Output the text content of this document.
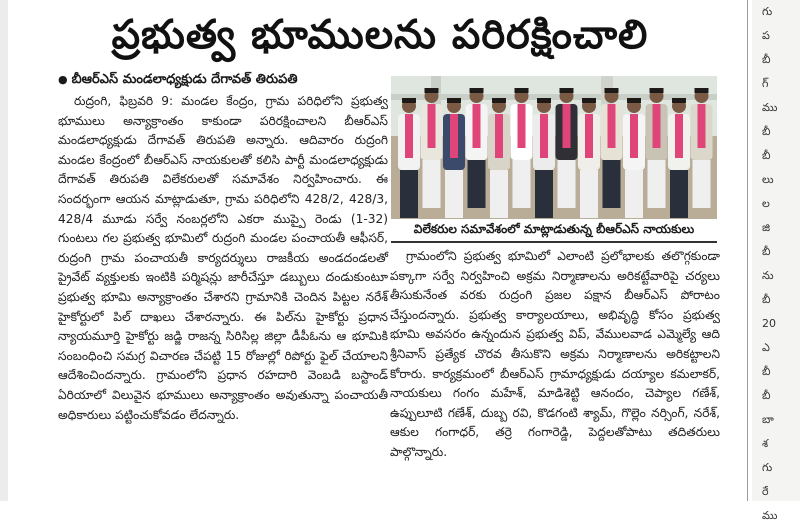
ప్రభుత్వ భూములను పరిరక్షించాలి
● బీఆర్ఎస్ మండలాధ్యక్షుడు దేగావత్ తిరుపతి

రుద్రంగి, ఫిబ్రవరి 9: మండల కేంద్రం, గ్రామ పరిధిలోని ప్రభుత్వ భూములు అన్యాక్రాంతం కాకుండా పరిరక్షించాలని బీఆర్ఎస్ మండలాధ్యక్షుడు దేగావత్ తిరుపతి అన్నారు. ఆదివారం రుద్రంగి మండల కేంద్రంలో బీఆర్ఎస్ నాయకులతో కలిసి పార్టీ మండలాధ్యక్షుడు దేగావత్ తిరుపతి విలేకరులతో సమావేశం నిర్వహించారు. ఈ సందర్భంగా ఆయన మాట్లాడుతూ, గ్రామ పరిధిలోని 428/2, 428/3, 428/4 మూడు సర్వే నంబర్లలోని ఎకరా ముప్పై రెండు (1-32) గుంటలు గల ప్రభుత్వ భూమిలో రుద్రంగి మండల పంచాయతీ ఆఫీసర్, రుద్రంగి గ్రామ పంచాయతీ కార్యదర్శులు రాజకీయ అండదండలతో ప్రైవేట్ వ్యక్తులకు ఇంటికి పర్మిషన్లు జారీచేస్తూ డబ్బులు దండుకుంటూ ప్రభుత్వ భూమి అన్యాక్రాంతం చేశారని గ్రామానికి చెందిన పిట్టల నరేశ్ హైకోర్టులో పిల్ దాఖలు చేశారన్నారు. ఈ పిల్‌ను హైకోర్టు ప్రధాన న్యాయమూర్తి హైకోర్టు జడ్జి రాజన్న సిరిసిల్ల జిల్లా డీపీఓను ఆ భూమికి సంబంధించి సమగ్ర విచారణ చేపట్టి 15 రోజుల్లో రిపోర్టు ఫైల్ చేయాలని ఆదేశించిందన్నారు. గ్రామంలోని ప్రధాన రహదారి వెంబడి బస్టాండ్ ఏరియాలో విలువైన భూములు అన్యాక్రాంతం అవుతున్నా పంచాయతీ అధికారులు పట్టించుకోవడం లేదన్నారు.

విలేకరుల సమావేశంలో మాట్లాడుతున్న బీఆర్ఎస్ నాయకులు

గ్రామంలోని ప్రభుత్వ భూమిలో ఎలాంటి ప్రలోభాలకు తలొగ్గకుండా పక్కాగా సర్వే నిర్వహించి అక్రమ నిర్మాణాలను అరికట్టేవారిపై చర్యలు తీసుకునేంత వరకు రుద్రంగి ప్రజల పక్షాన బీఆర్ఎస్ పోరాటం చేస్తుందన్నారు. ప్రభుత్వ కార్యాలయాలు, అభివృద్ధి కోసం ప్రభుత్వ భూమి అవసరం ఉన్నందున ప్రభుత్వ విప్, వేములవాడ ఎమ్మెల్యే ఆది శ్రీనివాస్ ప్రత్యేక చొరవ తీసుకొని అక్రమ నిర్మాణాలను అరికట్టాలని కోరారు. కార్యక్రమంలో బీఆర్ఎస్ గ్రామాధ్యక్షుడు దయ్యాల కమలాకర్, నాయకులు గంగం మహేశ్, మాడిశెట్టి ఆనందం, చెప్యాల గణేశ్, ఉప్పులూటి గణేశ్, దుబ్బ రవి, కొడగంటి శ్యామ్, గొల్లెం నర్సింగ్, నరేశ్, ఆకుల గంగాధర్, తర్రె గంగారెడ్డి, పెద్దలతోపాటు తదితరులు పాల్గొన్నారు.

గు
ప
బీ
గ్
ము
బీ
బీ
లు
ల
జి
బీ
ను
బీ
20
ఎ
బీ
బీ
బా
శ
గు
రే
ము
